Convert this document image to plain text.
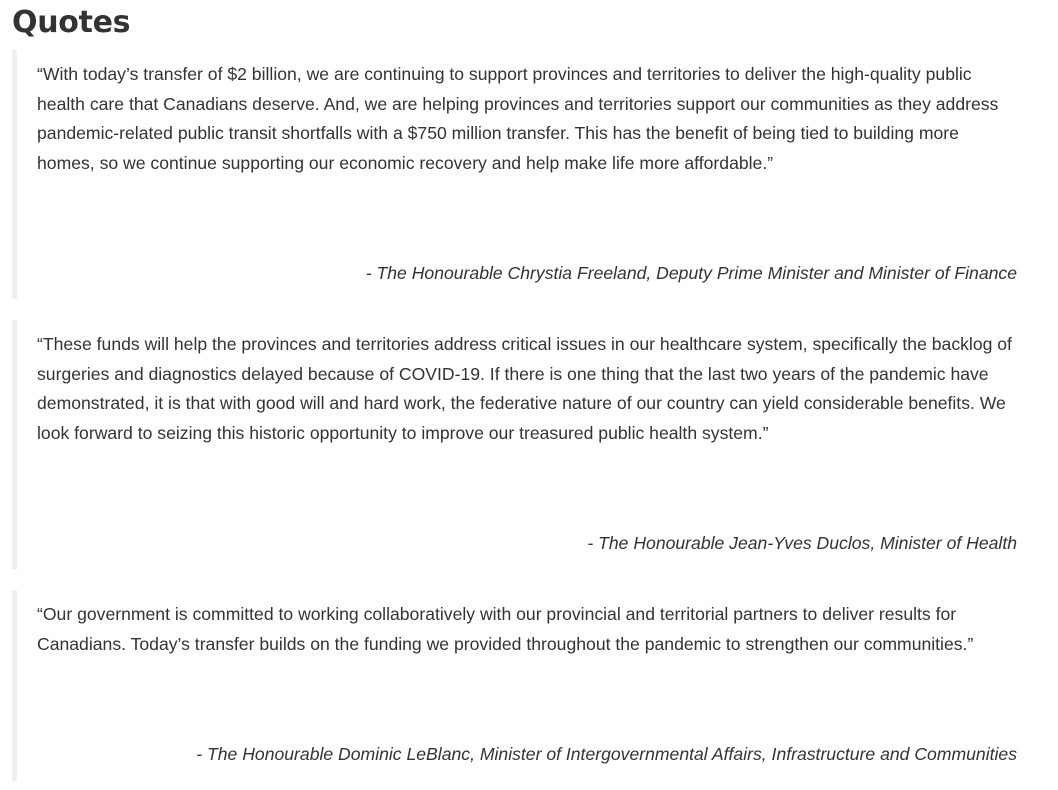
Quotes

“With today’s transfer of $2 billion, we are continuing to support provinces and territories to deliver the high-quality public health care that Canadians deserve. And, we are helping provinces and territories support our communities as they address pandemic-related public transit shortfalls with a $750 million transfer. This has the benefit of being tied to building more homes, so we continue supporting our economic recovery and help make life more affordable.”

- The Honourable Chrystia Freeland, Deputy Prime Minister and Minister of Finance

“These funds will help the provinces and territories address critical issues in our healthcare system, specifically the backlog of surgeries and diagnostics delayed because of COVID-19. If there is one thing that the last two years of the pandemic have demonstrated, it is that with good will and hard work, the federative nature of our country can yield considerable benefits. We look forward to seizing this historic opportunity to improve our treasured public health system.”

- The Honourable Jean-Yves Duclos, Minister of Health

“Our government is committed to working collaboratively with our provincial and territorial partners to deliver results for Canadians. Today’s transfer builds on the funding we provided throughout the pandemic to strengthen our communities.”

- The Honourable Dominic LeBlanc, Minister of Intergovernmental Affairs, Infrastructure and Communities
